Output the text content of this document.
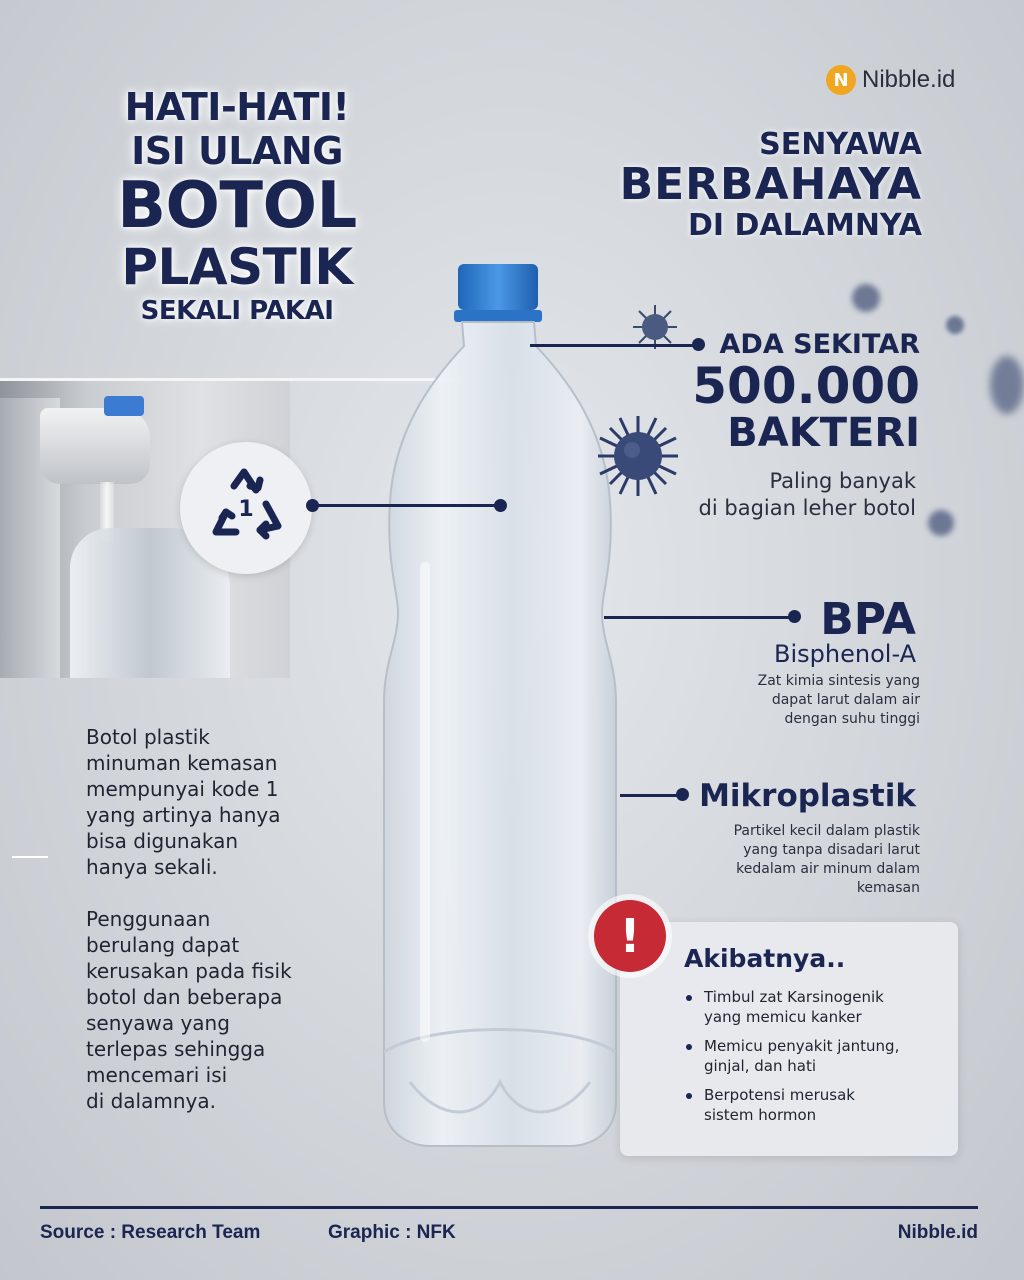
N Nibble.id
HATI-HATI!
ISI ULANG
BOTOL
PLASTIK
SEKALI PAKAI
SENYAWA
BERBAHAYA
DI DALAMNYA
1
ADA SEKITAR
500.000
BAKTERI
Paling banyak
di bagian leher botol
BPA
Bisphenol-A
Zat kimia sintesis yang
dapat larut dalam air
dengan suhu tinggi
Mikroplastik
Partikel kecil dalam plastik
yang tanpa disadari larut
kedalam air minum dalam
kemasan
Botol plastik
minuman kemasan
mempunyai kode 1
yang artinya hanya
bisa digunakan
hanya sekali.
Penggunaan
berulang dapat
kerusakan pada fisik
botol dan beberapa
senyawa yang
terlepas sehingga
mencemari isi
di dalamnya.
!	Akibatnya..
Timbul zat Karsinogenik
yang memicu kanker
Memicu penyakit jantung,
ginjal, dan hati
Berpotensi merusak
sistem hormon
Source : Research Team	Graphic : NFK	Nibble.id
